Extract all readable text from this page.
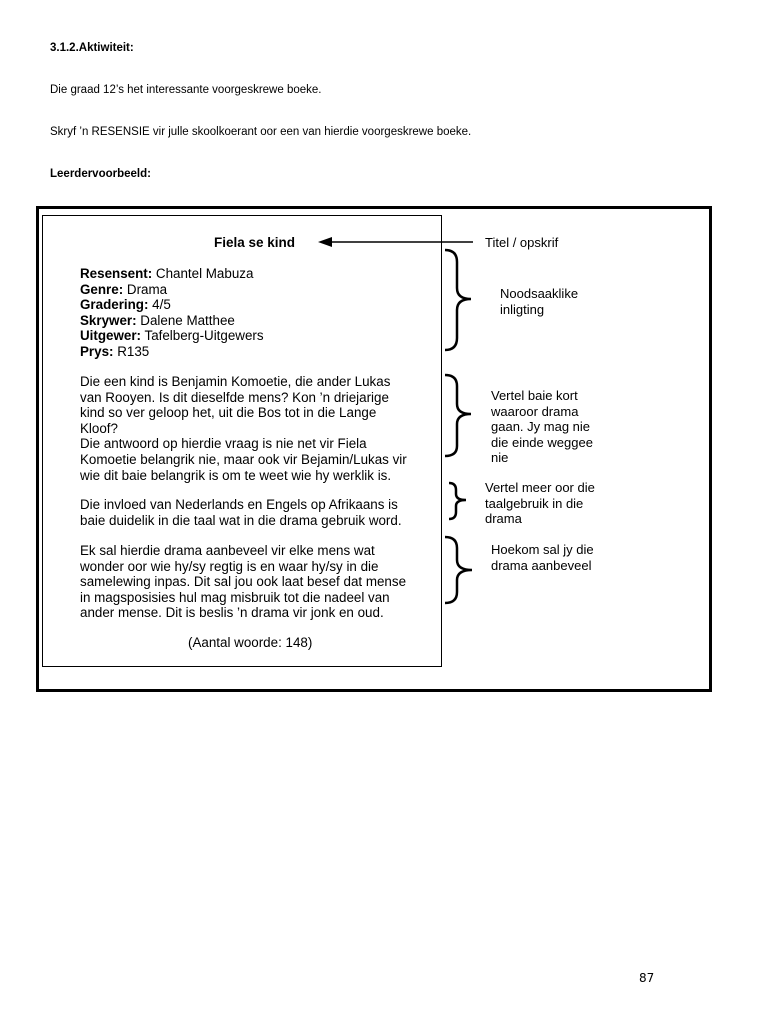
3.1.2.Aktiwiteit:
Die graad 12’s het interessante voorgeskrewe boeke.
Skryf ’n RESENSIE vir julle skoolkoerant oor een van hierdie voorgeskrewe boeke.
Leerdervoorbeeld:
Fiela se kind
Resensent: Chantel Mabuza
Genre: Drama
Gradering: 4/5
Skrywer: Dalene Matthee
Uitgewer: Tafelberg-Uitgewers
Prys: R135
Die een kind is Benjamin Komoetie, die ander Lukas
van Rooyen. Is dit dieselfde mens? Kon ’n driejarige
kind so ver geloop het, uit die Bos tot in die Lange
Kloof?
Die antwoord op hierdie vraag is nie net vir Fiela
Komoetie belangrik nie, maar ook vir Bejamin/Lukas vir
wie dit baie belangrik is om te weet wie hy werklik is.
Die invloed van Nederlands en Engels op Afrikaans is
baie duidelik in die taal wat in die drama gebruik word.
Ek sal hierdie drama aanbeveel vir elke mens wat
wonder oor wie hy/sy regtig is en waar hy/sy in die
samelewing inpas. Dit sal jou ook laat besef dat mense
in magsposisies hul mag misbruik tot die nadeel van
ander mense. Dit is beslis ’n drama vir jonk en oud.
(Aantal woorde: 148)
Titel / opskrif
Noodsaaklike
inligting
Vertel baie kort
waaroor drama
gaan. Jy mag nie
die einde weggee
nie
Vertel meer oor die
taalgebruik in die
drama
Hoekom sal jy die
drama aanbeveel
87
